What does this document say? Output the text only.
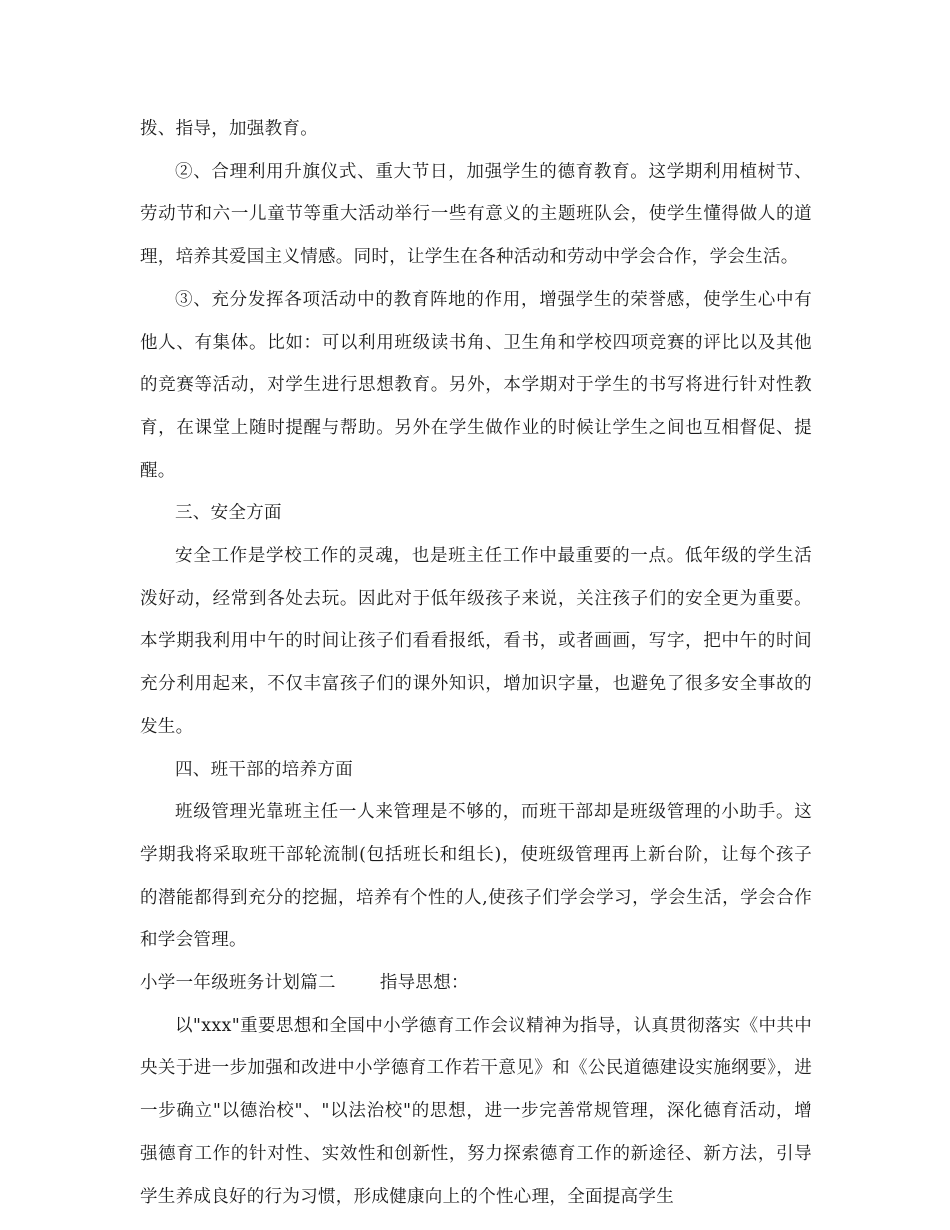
拨、指导，加强教育。

②、合理利用升旗仪式、重大节日，加强学生的德育教育。这学期利用植树节、劳动节和六一儿童节等重大活动举行一些有意义的主题班队会，使学生懂得做人的道理，培养其爱国主义情感。同时，让学生在各种活动和劳动中学会合作，学会生活。

③、充分发挥各项活动中的教育阵地的作用，增强学生的荣誉感，使学生心中有他人、有集体。比如：可以利用班级读书角、卫生角和学校四项竞赛的评比以及其他的竞赛等活动，对学生进行思想教育。另外，本学期对于学生的书写将进行针对性教育，在课堂上随时提醒与帮助。另外在学生做作业的时候让学生之间也互相督促、提醒。

三、安全方面

安全工作是学校工作的灵魂，也是班主任工作中最重要的一点。低年级的学生活泼好动，经常到各处去玩。因此对于低年级孩子来说，关注孩子们的安全更为重要。本学期我利用中午的时间让孩子们看看报纸，看书，或者画画，写字，把中午的时间充分利用起来，不仅丰富孩子们的课外知识，增加识字量，也避免了很多安全事故的发生。

四、班干部的培养方面

班级管理光靠班主任一人来管理是不够的，而班干部却是班级管理的小助手。这学期我将采取班干部轮流制(包括班长和组长)，使班级管理再上新台阶，让每个孩子的潜能都得到充分的挖掘，培养有个性的人,使孩子们学会学习，学会生活，学会合作和学会管理。

小学一年级班务计划篇二	指导思想：

以"xxx"重要思想和全国中小学德育工作会议精神为指导，认真贯彻落实《中共中央关于进一步加强和改进中小学德育工作若干意见》和《公民道德建设实施纲要》，进一步确立"以德治校"、"以法治校"的思想，进一步完善常规管理，深化德育活动，增强德育工作的针对性、实效性和创新性，努力探索德育工作的新途径、新方法，引导学生养成良好的行为习惯，形成健康向上的个性心理，全面提高学生
